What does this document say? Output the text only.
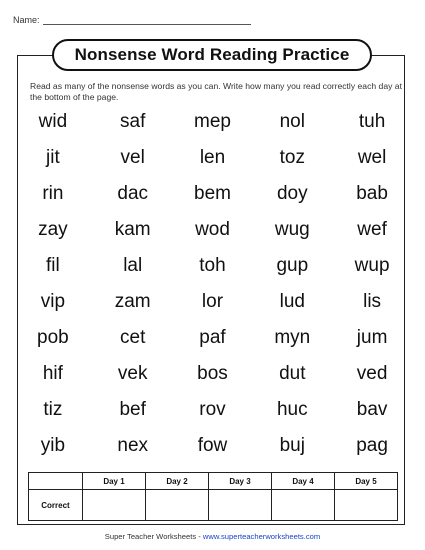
Name:
Nonsense Word Reading Practice
Read as many of the nonsense words as you can. Write how many you read correctly each day at the bottom of the page.
wid	saf	mep	nol	tuh
jit	vel	len	toz	wel
rin	dac	bem	doy	bab
zay	kam	wod	wug	wef
fil	lal	toh	gup	wup
vip	zam	lor	lud	lis
pob	cet	paf	myn	jum
hif	vek	bos	dut	ved
tiz	bef	rov	huc	bav
yib	nex	fow	buj	pag
	Day 1	Day 2	Day 3	Day 4	Day 5
Correct					
Super Teacher Worksheets - www.superteacherworksheets.com
